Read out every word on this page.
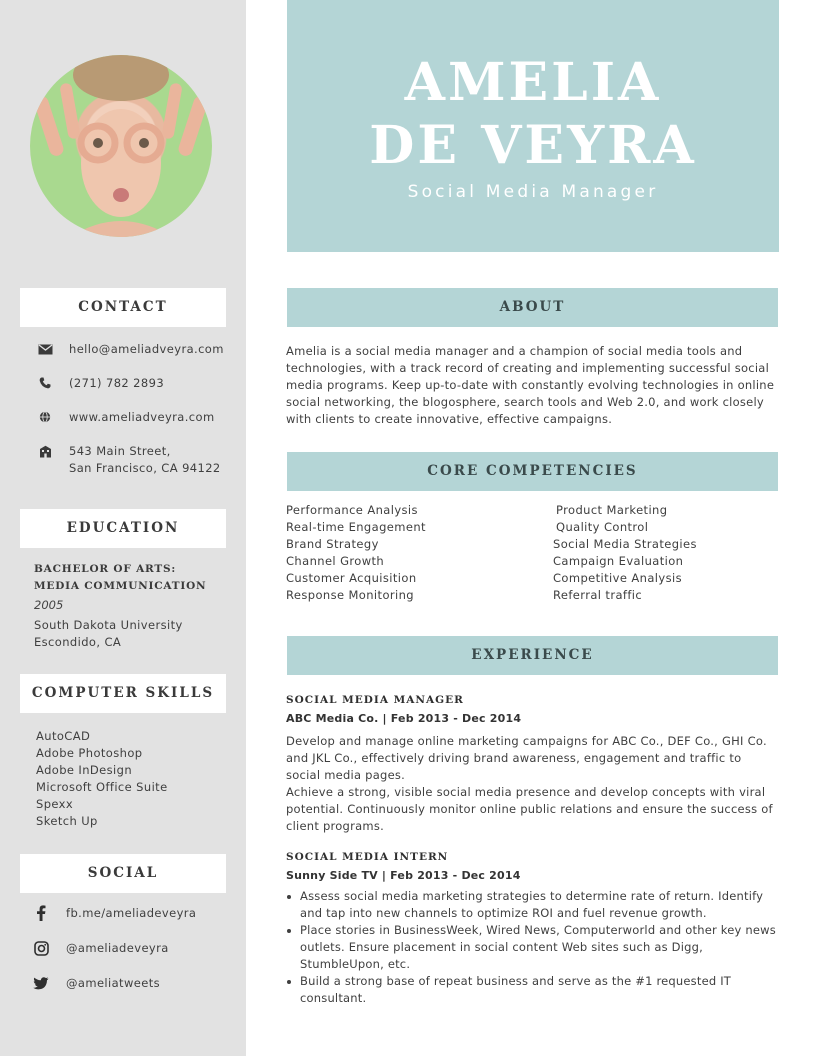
CONTACT
hello@ameliadveyra.com
(271) 782 2893
www.ameliadveyra.com
543 Main Street,
San Francisco, CA 94122
EDUCATION
BACHELOR OF ARTS:
MEDIA COMMUNICATION
2005
South Dakota University
Escondido, CA
COMPUTER SKILLS
AutoCAD
Adobe Photoshop
Adobe InDesign
Microsoft Office Suite
Spexx
Sketch Up
SOCIAL
fb.me/ameliadeveyra
@ameliadeveyra
@ameliatweets
AMELIA
DE VEYRA
Social Media Manager
ABOUT
Amelia is a social media manager and a champion of social media tools and technologies, with a track record of creating and implementing successful social media programs. Keep up-to-date with constantly evolving technologies in online social networking, the blogosphere, search tools and Web 2.0, and work closely with clients to create innovative, effective campaigns.
CORE COMPETENCIES
Performance Analysis
Real-time Engagement
Brand Strategy
Channel Growth
Customer Acquisition
Response Monitoring
Product Marketing
Quality Control
Social Media Strategies
Campaign Evaluation
Competitive Analysis
Referral traffic
EXPERIENCE
SOCIAL MEDIA MANAGER
ABC Media Co. | Feb 2013 - Dec 2014
Develop and manage online marketing campaigns for ABC Co., DEF Co., GHI Co. and JKL Co., effectively driving brand awareness, engagement and traffic to social media pages.
Achieve a strong, visible social media presence and develop concepts with viral potential. Continuously monitor online public relations and ensure the success of client programs.
SOCIAL MEDIA INTERN
Sunny Side TV | Feb 2013 - Dec 2014
Assess social media marketing strategies to determine rate of return. Identify and tap into new channels to optimize ROI and fuel revenue growth.
Place stories in BusinessWeek, Wired News, Computerworld and other key news outlets. Ensure placement in social content Web sites such as Digg, StumbleUpon, etc.
Build a strong base of repeat business and serve as the #1 requested IT consultant.
